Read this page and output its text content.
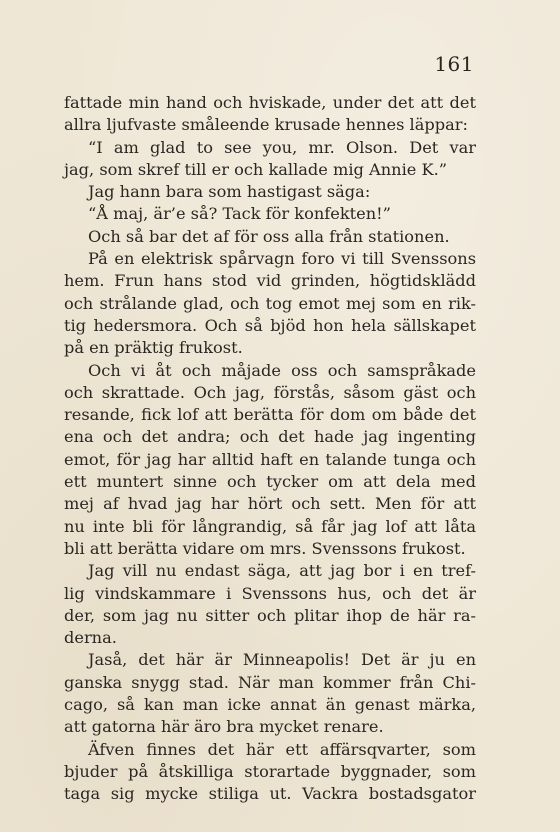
161
fattade min hand och hviskade, under det att det
allra ljufvaste småleende krusade hennes läppar:
“I am glad to see you, mr. Olson. Det var
jag, som skref till er och kallade mig Annie K.”
Jag hann bara som hastigast säga:
“Å maj, är’e så? Tack för konfekten!”
Och så bar det af för oss alla från stationen.
På en elektrisk spårvagn foro vi till Svenssons
hem. Frun hans stod vid grinden, högtidsklädd
och strålande glad, och tog emot mej som en rik-
tig hedersmora. Och så bjöd hon hela sällskapet
på en präktig frukost.
Och vi åt och måjade oss och samspråkade
och skrattade. Och jag, förstås, såsom gäst och
resande, fick lof att berätta för dom om både det
ena och det andra; och det hade jag ingenting
emot, för jag har alltid haft en talande tunga och
ett muntert sinne och tycker om att dela med
mej af hvad jag har hört och sett. Men för att
nu inte bli för långrandig, så får jag lof att låta
bli att berätta vidare om mrs. Svenssons frukost.
Jag vill nu endast säga, att jag bor i en tref-
lig vindskammare i Svenssons hus, och det är
der, som jag nu sitter och plitar ihop de här ra-
derna.
Jaså, det här är Minneapolis! Det är ju en
ganska snygg stad. När man kommer från Chi-
cago, så kan man icke annat än genast märka,
att gatorna här äro bra mycket renare.
Äfven finnes det här ett affärsqvarter, som
bjuder på åtskilliga storartade byggnader, som
taga sig mycke stiliga ut. Vackra bostadsgator
